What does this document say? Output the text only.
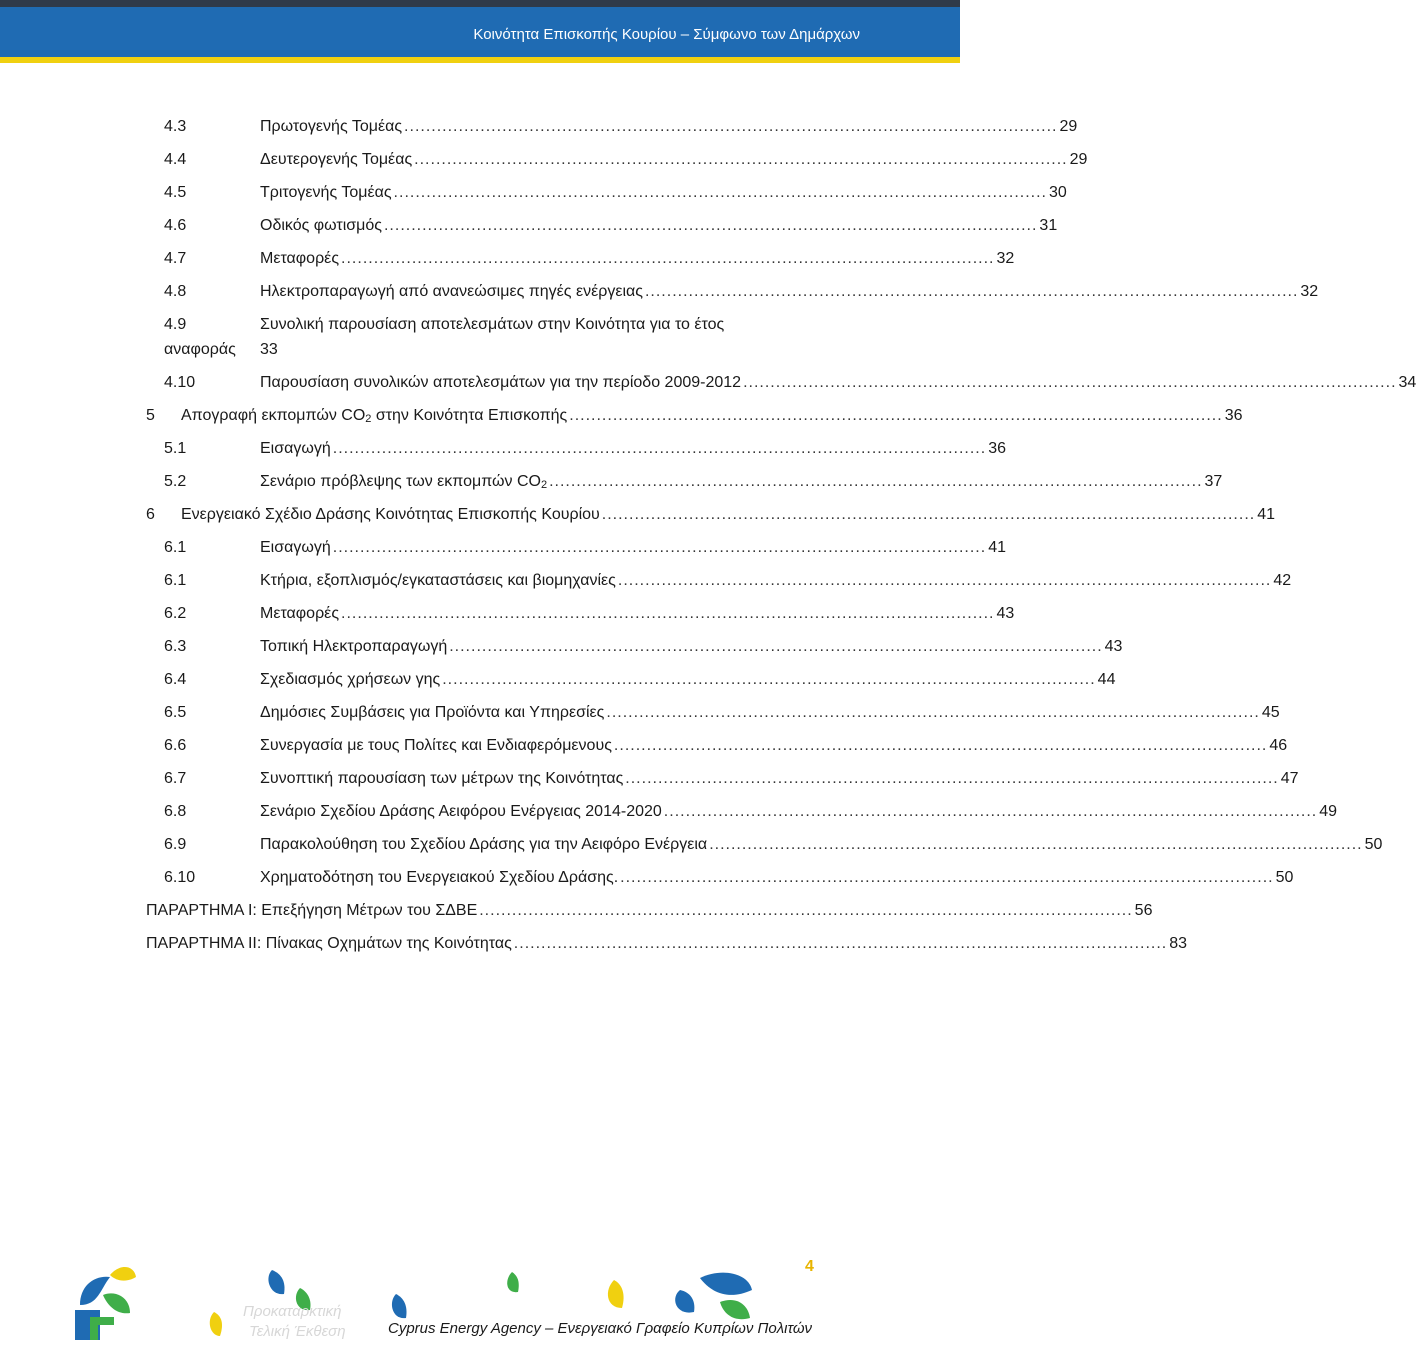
Κοινότητα Επισκοπής Κουρίου – Σύμφωνο των Δημάρχων
4.3	Πρωτογενής Τομέας ........................................................................................................................ 29
4.4	Δευτερογενής Τομέας ........................................................................................................................ 29
4.5	Τριτογενής Τομέας ........................................................................................................................ 30
4.6	Οδικός φωτισμός ........................................................................................................................ 31
4.7	Μεταφορές ........................................................................................................................ 32
4.8	Ηλεκτροπαραγωγή από ανανεώσιμες πηγές ενέργειας ........................................................................................................................ 32
4.9	Συνολική παρουσίαση αποτελεσμάτων στην Κοινότητα για το έτος
αναφοράς 33
4.10	Παρουσίαση συνολικών αποτελεσμάτων για την περίοδο 2009-2012 ........................................................................................................................ 34
5 Απογραφή εκπομπών $CO_2$ στην Κοινότητα Επισκοπής ........................................................................................................................ 36
5.1	Εισαγωγή ........................................................................................................................ 36
5.2	Σενάριο πρόβλεψης των εκπομπών $CO_2$ ........................................................................................................................ 37
6 Ενεργειακό Σχέδιο Δράσης Κοινότητας Επισκοπής Κουρίου ........................................................................................................................ 41
6.1	Εισαγωγή ........................................................................................................................ 41
6.1	Κτήρια, εξοπλισμός/εγκαταστάσεις και βιομηχανίες ........................................................................................................................ 42
6.2	Μεταφορές ........................................................................................................................ 43
6.3	Τοπική Ηλεκτροπαραγωγή ........................................................................................................................ 43
6.4	Σχεδιασμός χρήσεων γης ........................................................................................................................ 44
6.5	Δημόσιες Συμβάσεις για Προϊόντα και Υπηρεσίες ........................................................................................................................ 45
6.6	Συνεργασία με τους Πολίτες και Ενδιαφερόμενους ........................................................................................................................ 46
6.7	Συνοπτική παρουσίαση των μέτρων της Κοινότητας ........................................................................................................................ 47
6.8	Σενάριο Σχεδίου Δράσης Αειφόρου Ενέργειας 2014-2020 ........................................................................................................................ 49
6.9	Παρακολούθηση του Σχεδίου Δράσης για την Αειφόρο Ενέργεια ........................................................................................................................ 50
6.10	Χρηματοδότηση του Ενεργειακού Σχεδίου Δράσης. ........................................................................................................................ 50
ΠΑΡΑΡΤΗΜΑ Ι: Επεξήγηση Μέτρων του ΣΔΒΕ ........................................................................................................................ 56
ΠΑΡΑΡΤΗΜΑ ΙΙ: Πίνακας Οχημάτων της Κοινότητας ........................................................................................................................ 83
4
Προκαταρκτική
Τελική Έκθεση	Cyprus Energy Agency – Ενεργειακό Γραφείο Κυπρίων Πολιτών
